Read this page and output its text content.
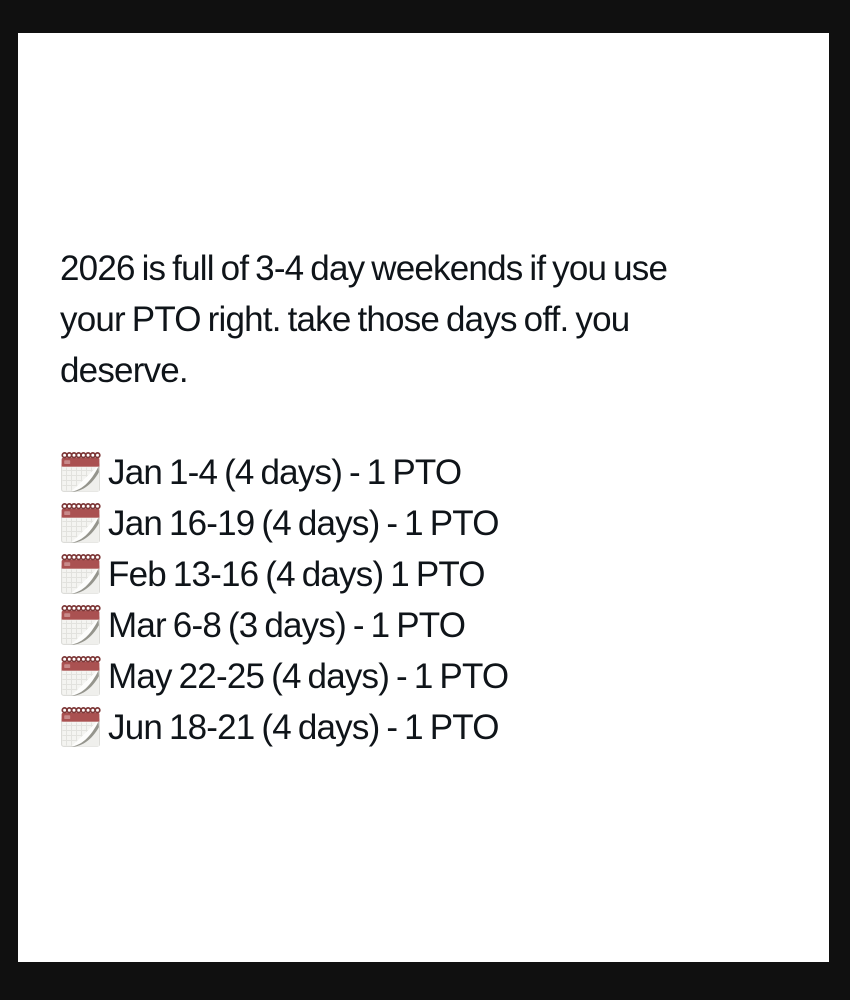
2026 is full of 3-4 day weekends if you use
your PTO right. take those days off. you
deserve.
Jan 1-4 (4 days) - 1 PTO
Jan 16-19 (4 days) - 1 PTO
Feb 13-16 (4 days) 1 PTO
Mar 6-8 (3 days) - 1 PTO
May 22-25 (4 days) - 1 PTO
Jun 18-21 (4 days) - 1 PTO
